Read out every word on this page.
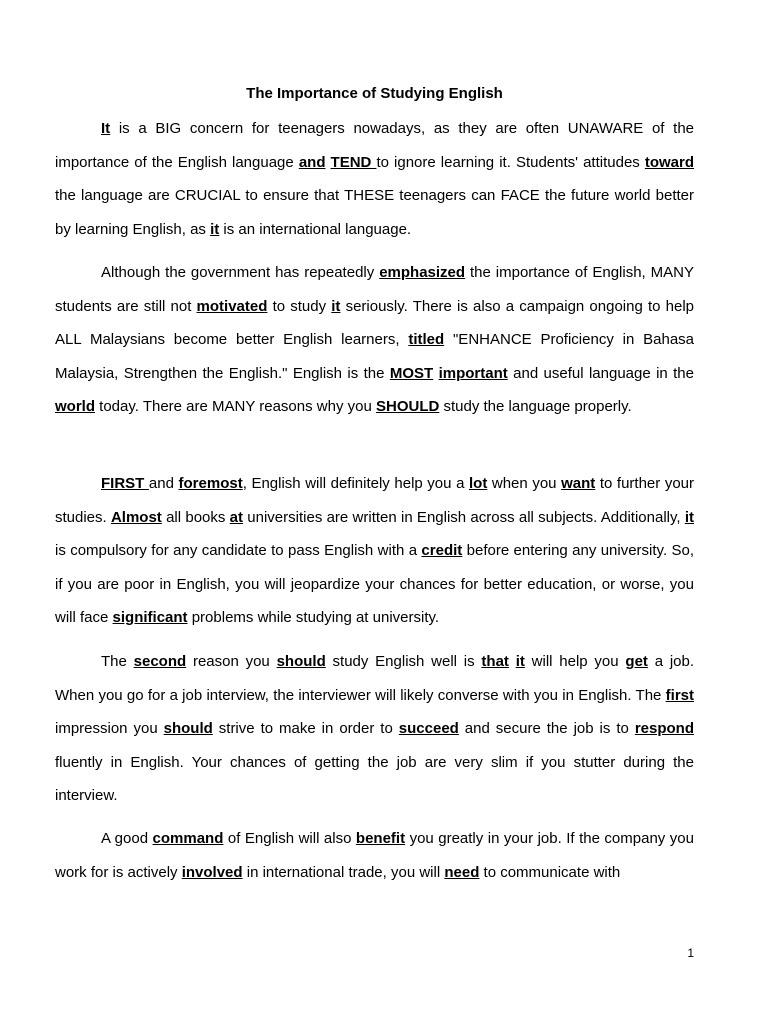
The Importance of Studying English

It is a BIG concern for teenagers nowadays, as they are often UNAWARE of the importance of the English language and TEND to ignore learning it. Students' attitudes toward the language are CRUCIAL to ensure that THESE teenagers can FACE the future world better by learning English, as it is an international language.

Although the government has repeatedly emphasized the importance of English, MANY students are still not motivated to study it seriously. There is also a campaign ongoing to help ALL Malaysians become better English learners, titled "ENHANCE Proficiency in Bahasa Malaysia, Strengthen the English." English is the MOST important and useful language in the world today. There are MANY reasons why you SHOULD study the language properly.

FIRST and foremost, English will definitely help you a lot when you want to further your studies. Almost all books at universities are written in English across all subjects. Additionally, it is compulsory for any candidate to pass English with a credit before entering any university. So, if you are poor in English, you will jeopardize your chances for better education, or worse, you will face significant problems while studying at university.

The second reason you should study English well is that it will help you get a job. When you go for a job interview, the interviewer will likely converse with you in English. The first impression you should strive to make in order to succeed and secure the job is to respond fluently in English. Your chances of getting the job are very slim if you stutter during the interview.

A good command of English will also benefit you greatly in your job. If the company you work for is actively involved in international trade, you will need to communicate with

1
